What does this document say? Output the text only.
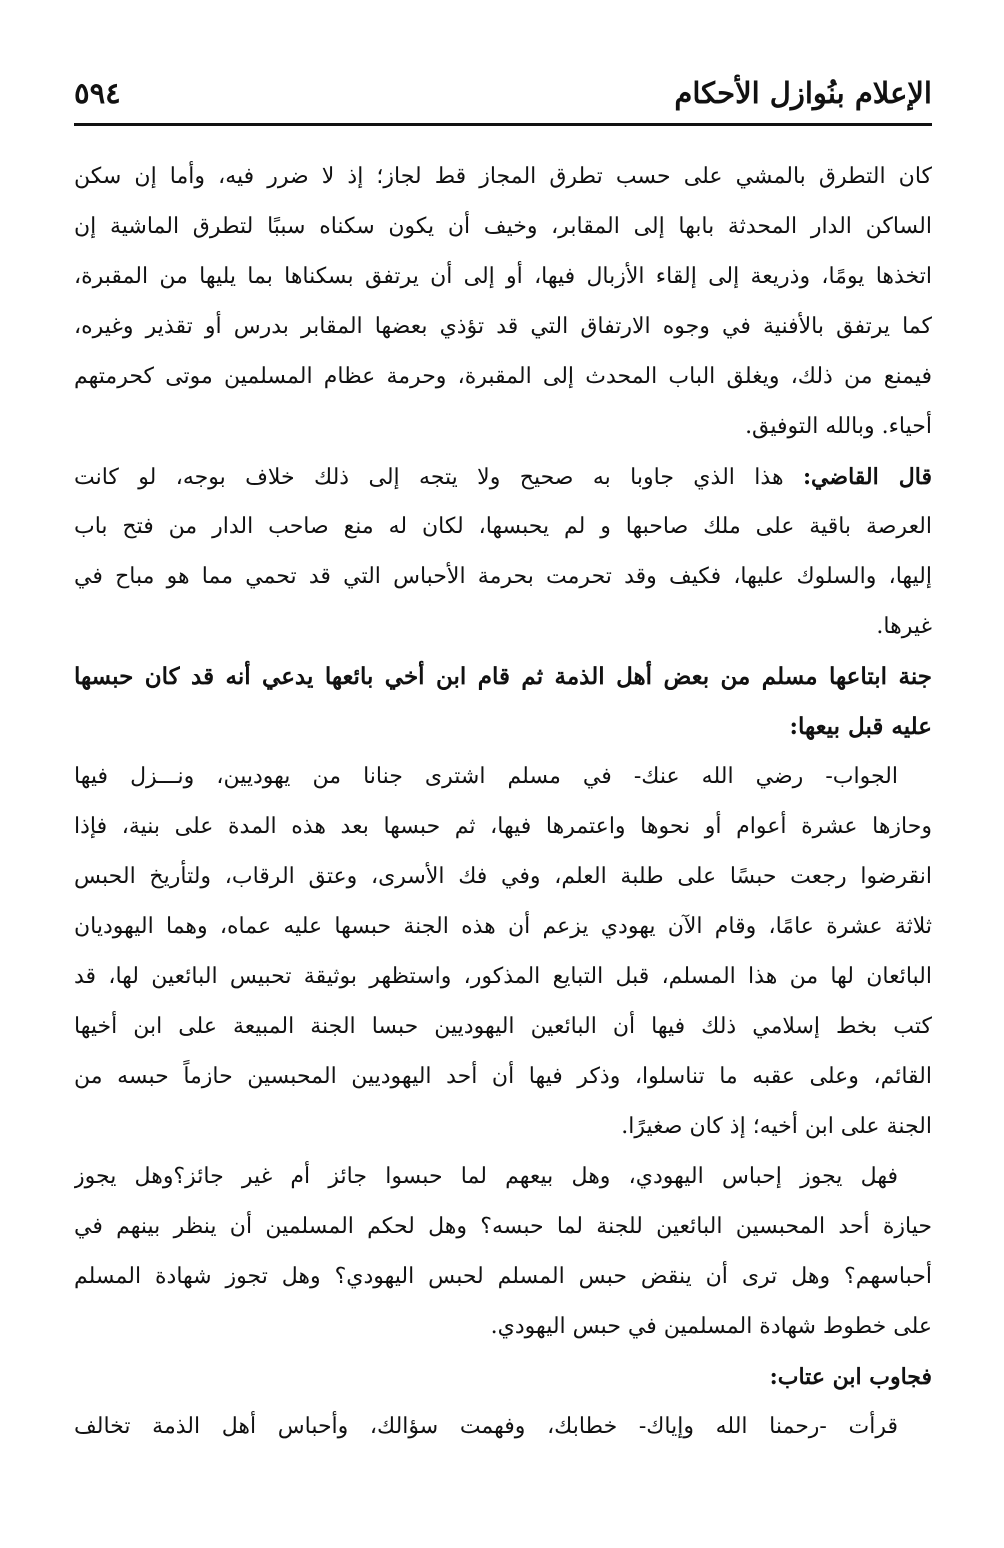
الإعلام بنُوازل الأحكام
٥٩٤
كان التطرق بالمشي على حسب تطرق المجاز قط لجاز؛ إذ لا ضرر فيه، وأما إن سكن
الساكن الدار المحدثة بابها إلى المقابر، وخيف أن يكون سكناه سببًا لتطرق الماشية إن
اتخذها يومًا، وذريعة إلى إلقاء الأزبال فيها، أو إلى أن يرتفق بسكناها بما يليها من المقبرة،
كما يرتفق بالأفنية في وجوه الارتفاق التي قد تؤذي بعضها المقابر بدرس أو تقذير وغيره،
فيمنع من ذلك، ويغلق الباب المحدث إلى المقبرة، وحرمة عظام المسلمين موتى كحرمتهم
أحياء. وبالله التوفيق.
قال القاضي: هذا الذي جاوبا به صحيح ولا يتجه إلى ذلك خلاف بوجه، لو كانت
العرصة باقية على ملك صاحبها و لم يحبسها، لكان له منع صاحب الدار من فتح باب
إليها، والسلوك عليها، فكيف وقد تحرمت بحرمة الأحباس التي قد تحمي مما هو مباح في
غيرها.
جنة ابتاعها مسلم من بعض أهل الذمة ثم قام ابن أخي بائعها يدعي أنه قد كان حبسها
عليه قبل بيعها:
الجواب- رضي الله عنك- في مسلم اشترى جنانا من يهوديين، ونـــزل فيها
وحازها عشرة أعوام أو نحوها واعتمرها فيها، ثم حبسها بعد هذه المدة على بنية، فإذا
انقرضوا رجعت حبسًا على طلبة العلم، وفي فك الأسرى، وعتق الرقاب، ولتأريخ الحبس
ثلاثة عشرة عامًا، وقام الآن يهودي يزعم أن هذه الجنة حبسها عليه عماه، وهما اليهوديان
البائعان لها من هذا المسلم، قبل التبايع المذكور، واستظهر بوثيقة تحبيس البائعين لها، قد
كتب بخط إسلامي ذلك فيها أن البائعين اليهوديين حبسا الجنة المبيعة على ابن أخيها
القائم، وعلى عقبه ما تناسلوا، وذكر فيها أن أحد اليهوديين المحبسين حازماً حبسه من
الجنة على ابن أخيه؛ إذ كان صغيرًا.
فهل يجوز إحباس اليهودي، وهل بيعهم لما حبسوا جائز أم غير جائز؟وهل يجوز
حيازة أحد المحبسين البائعين للجنة لما حبسه؟ وهل لحكم المسلمين أن ينظر بينهم في
أحباسهم؟ وهل ترى أن ينقض حبس المسلم لحبس اليهودي؟ وهل تجوز شهادة المسلم
على خطوط شهادة المسلمين في حبس اليهودي.
فجاوب ابن عتاب:
قرأت -رحمنا الله وإياك- خطابك، وفهمت سؤالك، وأحباس أهل الذمة تخالف
